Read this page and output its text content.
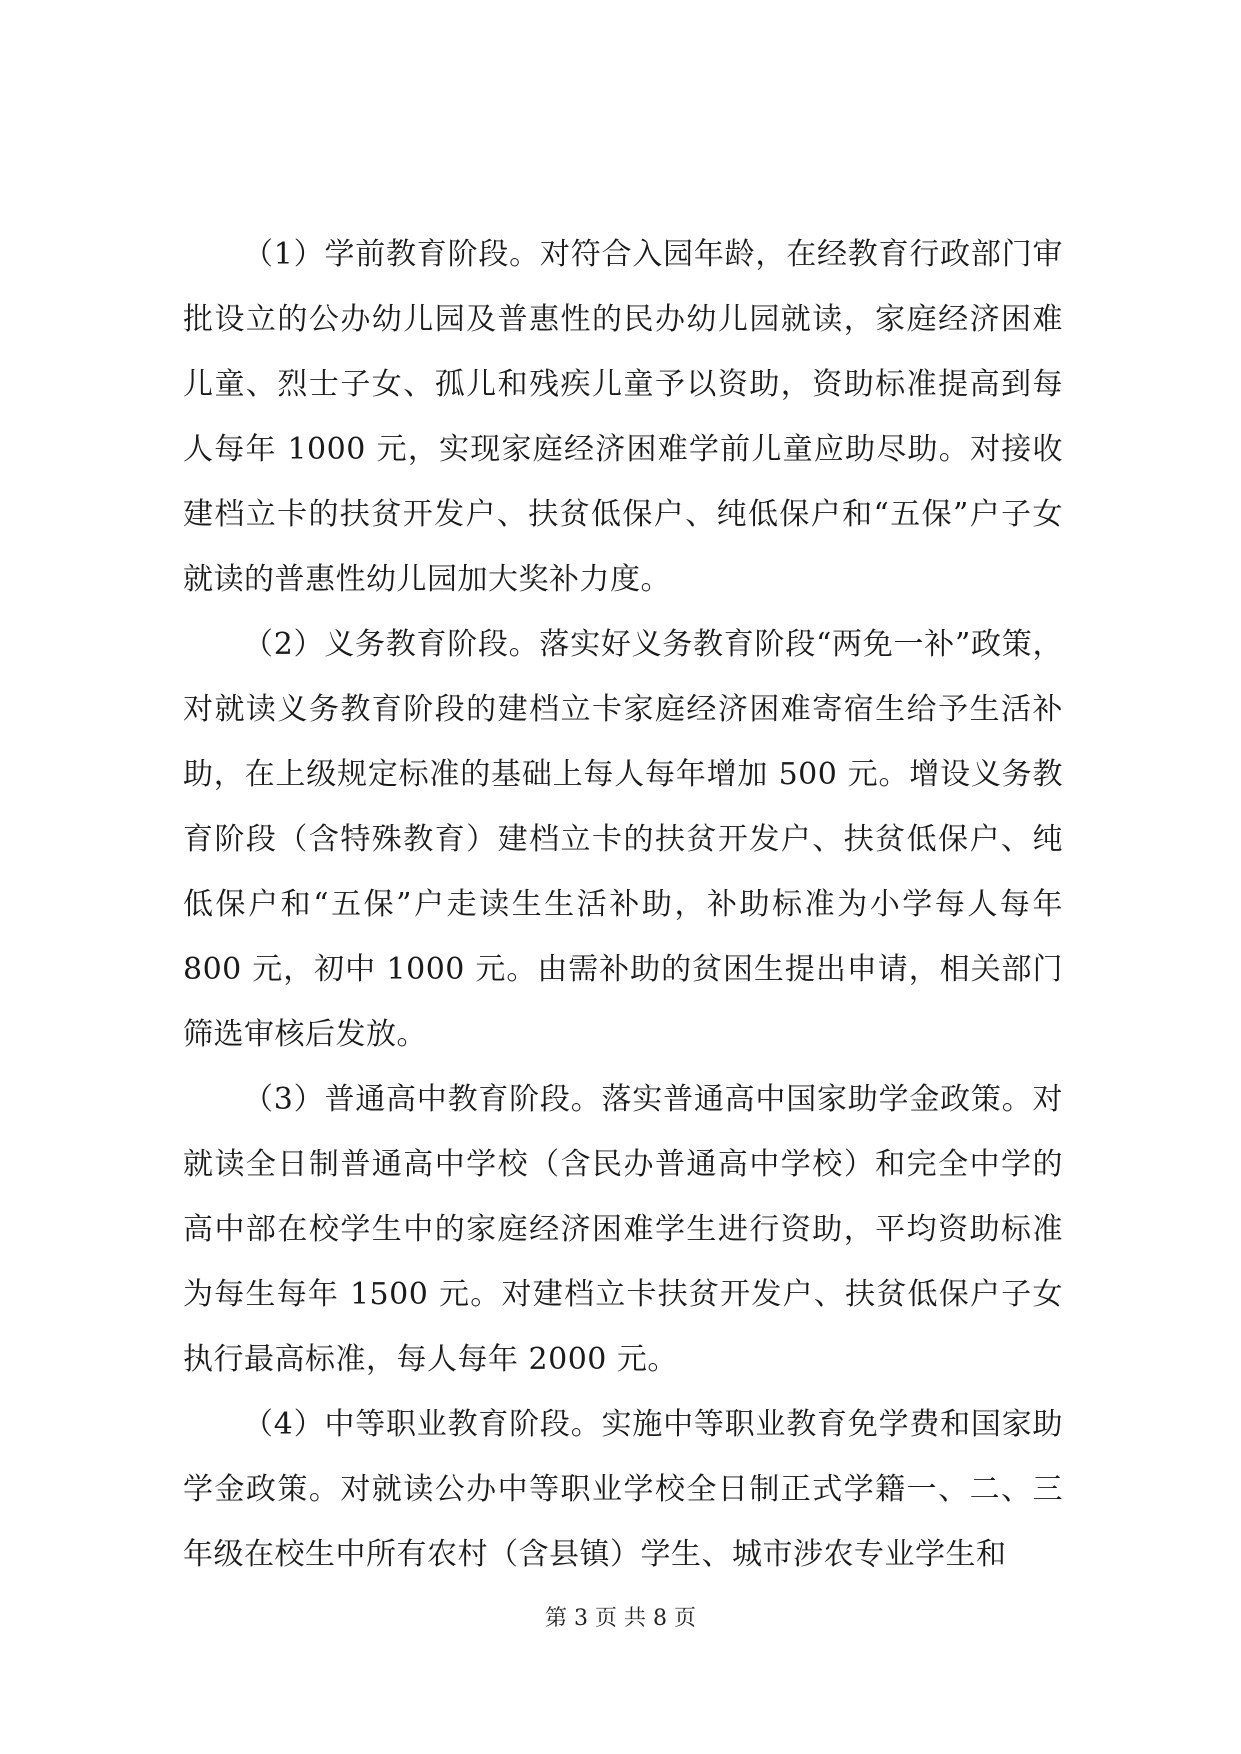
（1）学前教育阶段。对符合入园年龄，在经教育行政部门审批设立的公办幼儿园及普惠性的民办幼儿园就读，家庭经济困难儿童、烈士子女、孤儿和残疾儿童予以资助，资助标准提高到每人每年 1000 元，实现家庭经济困难学前儿童应助尽助。对接收建档立卡的扶贫开发户、扶贫低保户、纯低保户和“五保”户子女就读的普惠性幼儿园加大奖补力度。

（2）义务教育阶段。落实好义务教育阶段“两免一补”政策，对就读义务教育阶段的建档立卡家庭经济困难寄宿生给予生活补助，在上级规定标准的基础上每人每年增加 500 元。增设义务教育阶段（含特殊教育）建档立卡的扶贫开发户、扶贫低保户、纯低保户和“五保”户走读生生活补助，补助标准为小学每人每年 800 元，初中 1000 元。由需补助的贫困生提出申请，相关部门筛选审核后发放。

（3）普通高中教育阶段。落实普通高中国家助学金政策。对就读全日制普通高中学校（含民办普通高中学校）和完全中学的高中部在校学生中的家庭经济困难学生进行资助，平均资助标准为每生每年 1500 元。对建档立卡扶贫开发户、扶贫低保户子女执行最高标准，每人每年 2000 元。

（4）中等职业教育阶段。实施中等职业教育免学费和国家助学金政策。对就读公办中等职业学校全日制正式学籍一、二、三年级在校生中所有农村（含县镇）学生、城市涉农专业学生和

第 3 页 共 8 页
